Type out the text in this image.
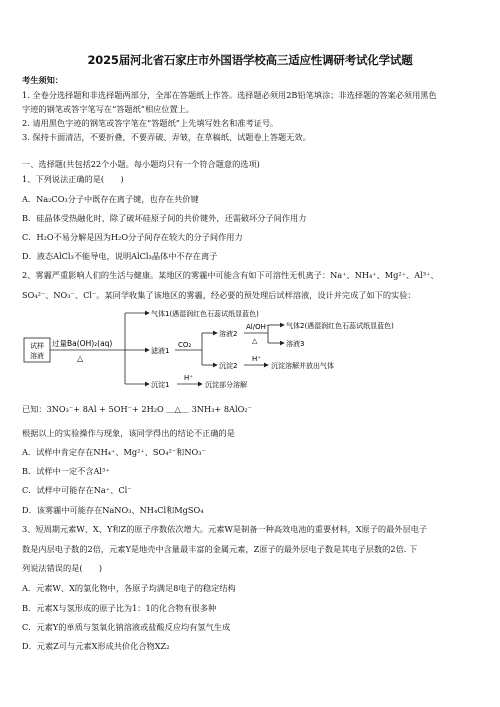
2025届河北省石家庄市外国语学校高三适应性调研考试化学试题
考生须知：
1. 全卷分选择题和非选择题两部分，全部在答题纸上作答。选择题必须用2B铅笔填涂；非选择题的答案必须用黑色
字迹的钢笔或答字笔写在“答题纸”相应位置上。
2. 请用黑色字迹的钢笔或答字笔在“答题纸”上先填写姓名和准考证号。
3. 保持卡面清洁，不要折叠，不要弄破、弄皱，在草稿纸、试题卷上答题无效。
一、选择题(共包括22个小题。每小题均只有一个符合题意的选项)
1、下列说法正确的是(　　)
A．Na₂CO₃分子中既存在离子键，也存在共价键
B．硅晶体受热融化时，除了破坏硅原子间的共价键外，还需破坏分子间作用力
C．H₂O不易分解是因为H₂O分子间存在较大的分子间作用力
D．液态AlCl₃不能导电，说明AlCl₃晶体中不存在离子
2、雾霾严重影响人们的生活与健康。某地区的雾霾中可能含有如下可溶性无机离子：Na⁺、NH₄⁺、Mg²⁺、Al³⁺、
SO₄²⁻、NO₃⁻、Cl⁻。某同学收集了该地区的雾霾，经必要的预处理后试样溶液，设计并完成了如下的实验：
试样
溶液
过量Ba(OH)₂(aq)
△
气体1(遇湿润红色石蕊试纸显蓝色)
滤液1
沉淀1
CO₂
溶液2
沉淀2
Al/OH⁻
△
气体2(遇湿润红色石蕊试纸显蓝色)
溶液3
H⁺
沉淀溶解并放出气体
H⁺
沉淀部分溶解
已知：3NO₃⁻+ 8Al + 5OH⁻+ 2H₂O ＿△＿ 3NH₃+ 8AlO₂⁻
根据以上的实验操作与现象，该同学得出的结论不正确的是
A．试样中肯定存在NH₄⁺、Mg²⁺、SO₄²⁻和NO₃⁻
B．试样中一定不含Al³⁺
C．试样中可能存在Na⁺、Cl⁻
D．该雾霾中可能存在NaNO₃、NH₄Cl和MgSO₄
3、短周期元素W、X、Y和Z的原子序数依次增大。元素W是制备一种高效电池的重要材料，X原子的最外层电子
数是内层电子数的2倍，元素Y是地壳中含量最丰富的金属元素，Z原子的最外层电子数是其电子层数的2倍. 下
列说法错误的是(　　)
A．元素W、X的氯化物中，各原子均满足8电子的稳定结构
B．元素X与氢形成的原子比为1：1的化合物有很多种
C．元素Y的单质与氢氧化钠溶液或盐酸反应均有氢气生成
D．元素Z可与元素X形成共价化合物XZ₂
